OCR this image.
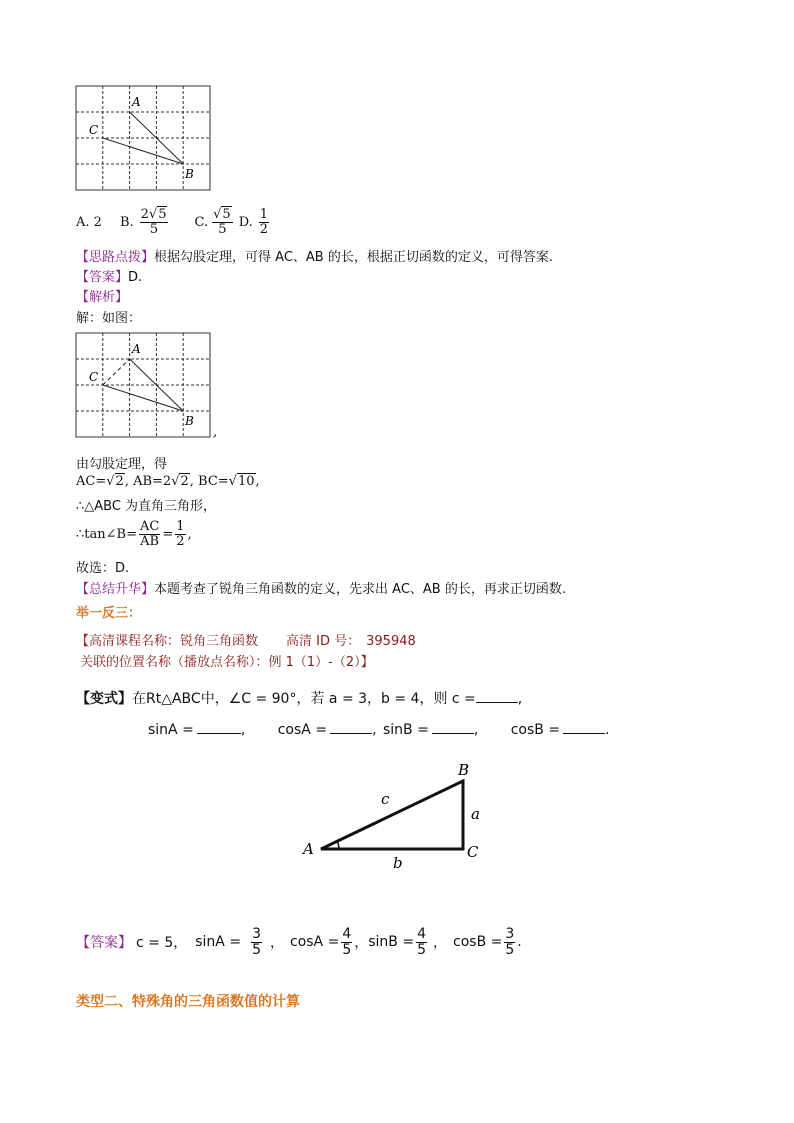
A
C
B
A. 2 B. $\frac{2√5}{5} C$. $\frac{√5}{5} D$. $\frac{1}{2}$
【思路点拨】根据勾股定理，可得 AC、AB 的长，根据正切函数的定义，可得答案.
【答案】D.
【解析】
解：如图：
A
C
B
,
由勾股定理，得
AC=√2, AB=2√2, BC=√10,
∴△ABC 为直角三角形，
∴tan∠B= $\frac{AC}{AB} = \frac{1}{2}$ ,
故选：D.
【总结升华】本题考查了锐角三角函数的定义，先求出 AC、AB 的长，再求正切函数.
举一反三：
【高清课程名称：锐角三角函数 高清 ID 号： 395948
关联的位置名称（播放点名称）：例 1（1）-（2）】
【变式】在Rt△ABC中，∠C = 90°，若 a = 3，b = 4，则 c =	,
sinA =	, cosA =	, sinB =	, cosB =	.
A
B
C
a
b
c
【答案】 c = 5， $\sin A = \frac{3}{5}$ ， $\cos A = \frac{4}{5}$ ， $\sin B = \frac{4}{5}$ ， $\cos B = \frac{3}{5}$ .
类型二、特殊角的三角函数值的计算
